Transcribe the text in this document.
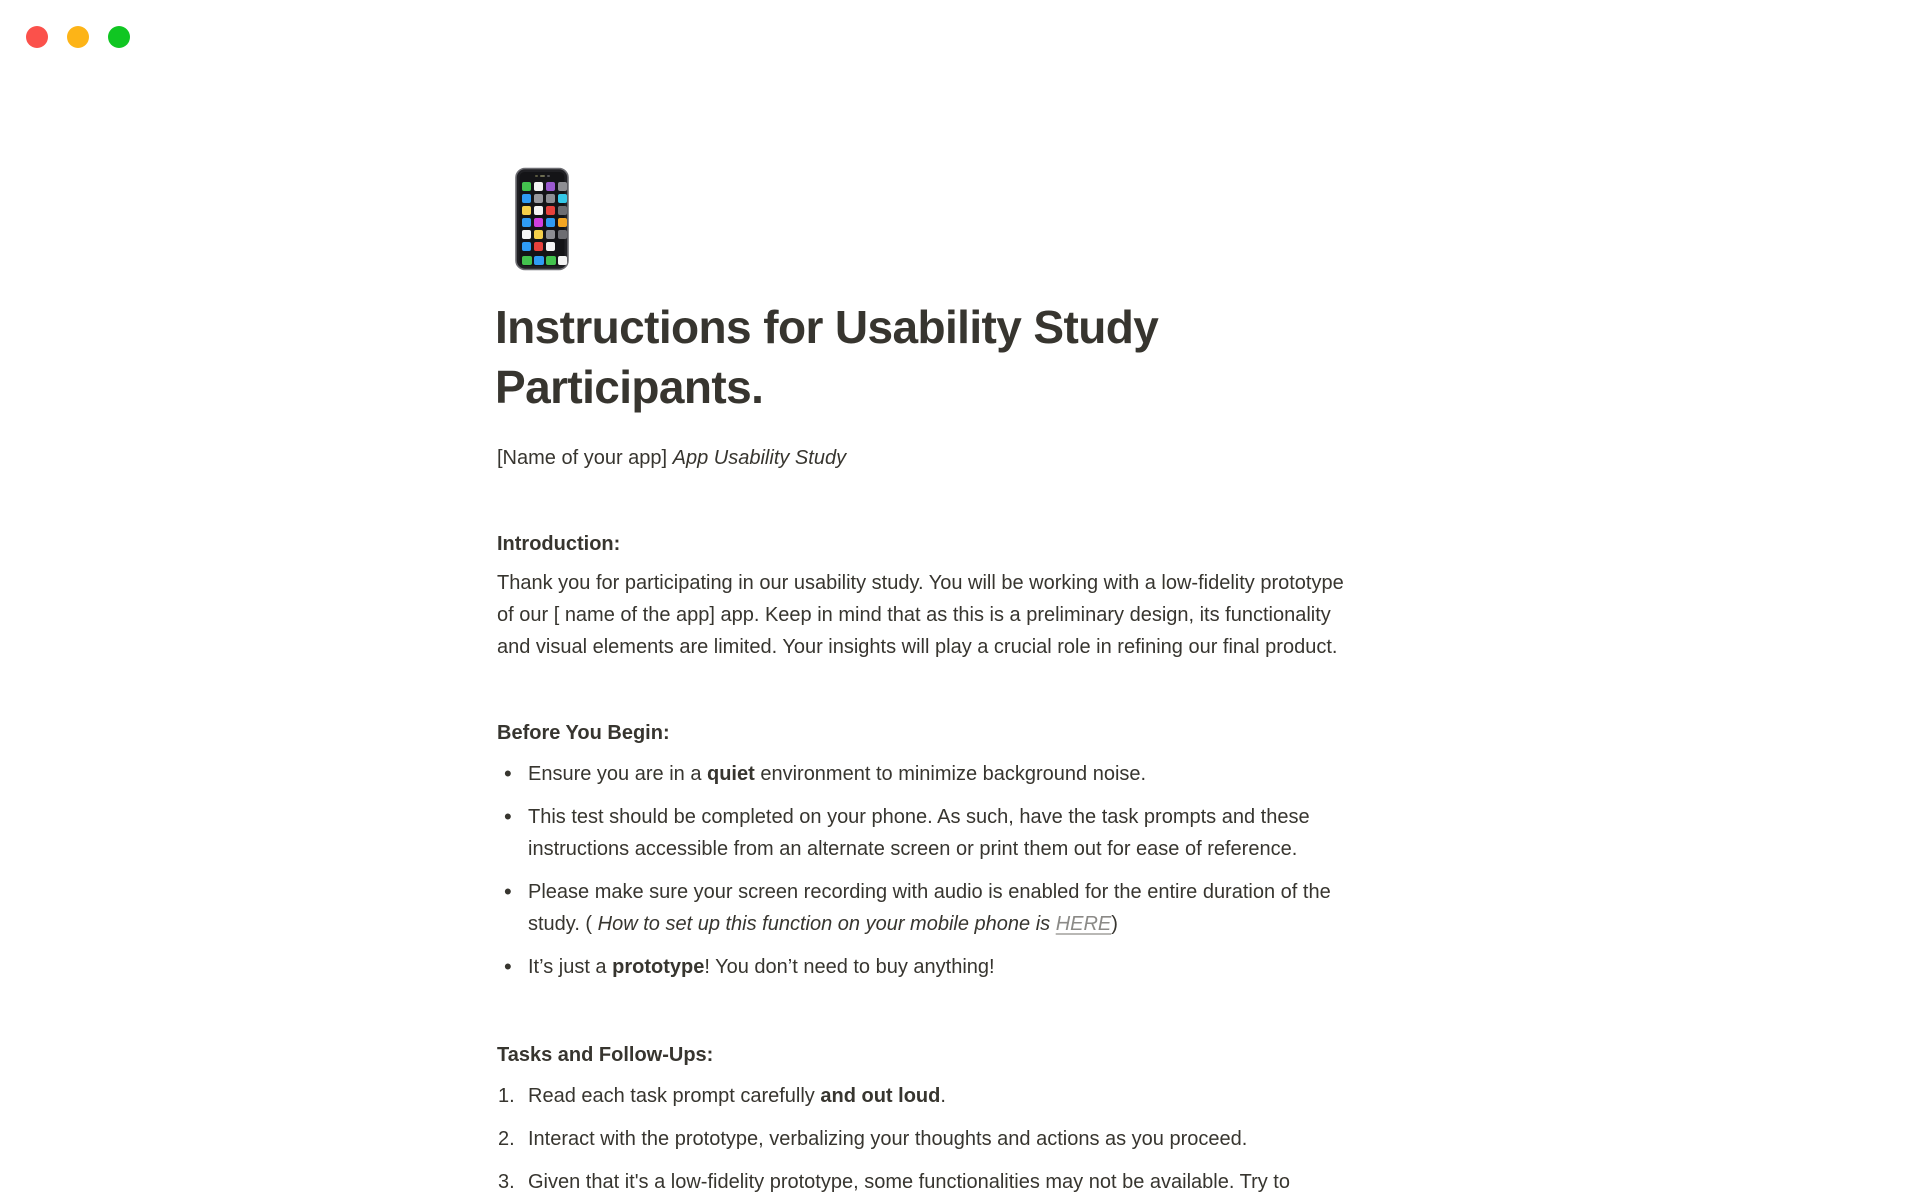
Instructions for Usability Study Participants.

[Name of your app] App Usability Study

Introduction:

Thank you for participating in our usability study. You will be working with a low-fidelity prototype
of our [ name of the app] app. Keep in mind that as this is a preliminary design, its functionality
and visual elements are limited. Your insights will play a crucial role in refining our final product.

Before You Begin:

• Ensure you are in a quiet environment to minimize background noise.
• This test should be completed on your phone. As such, have the task prompts and these
instructions accessible from an alternate screen or print them out for ease of reference.
• Please make sure your screen recording with audio is enabled for the entire duration of the
study. ( How to set up this function on your mobile phone is HERE)
• It’s just a prototype! You don’t need to buy anything!

Tasks and Follow-Ups:

1. Read each task prompt carefully and out loud.
2. Interact with the prototype, verbalizing your thoughts and actions as you proceed.
3. Given that it's a low-fidelity prototype, some functionalities may not be available. Try to
